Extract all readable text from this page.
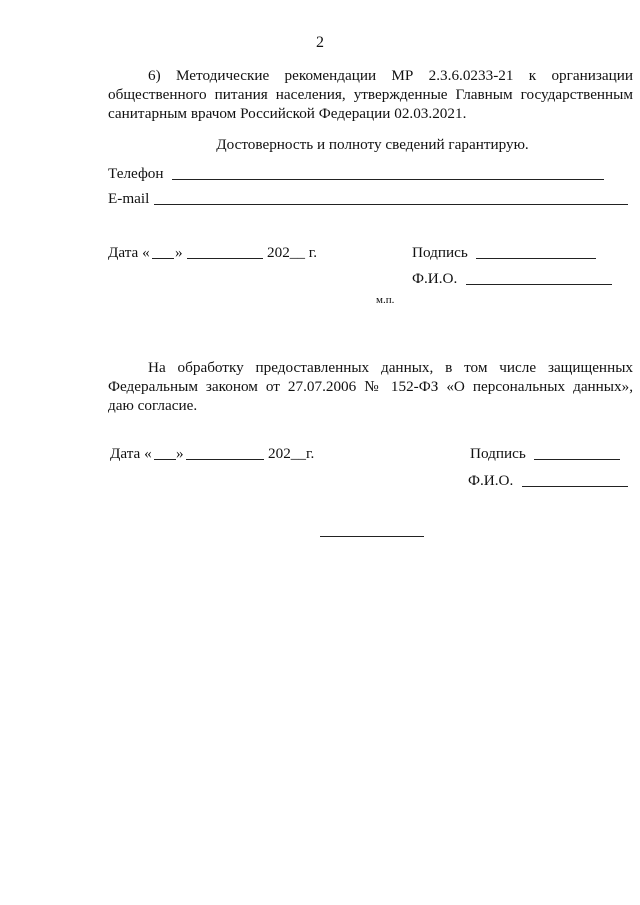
2
6) Методические рекомендации МР 2.3.6.0233-21 к организации
общественного питания населения, утвержденные Главным государственным
санитарным врачом Российской Федерации 02.03.2021.
Достоверность и полноту сведений гарантирую.
Телефон
E-mail
Дата « »	202__ г.	Подпись
Ф.И.О.
м.п.
На обработку предоставленных данных, в том числе защищенных
Федеральным законом от 27.07.2006 № 152-ФЗ «О персональных данных»,
даю согласие.
Дата « »	202__г.	Подпись
Ф.И.О.
